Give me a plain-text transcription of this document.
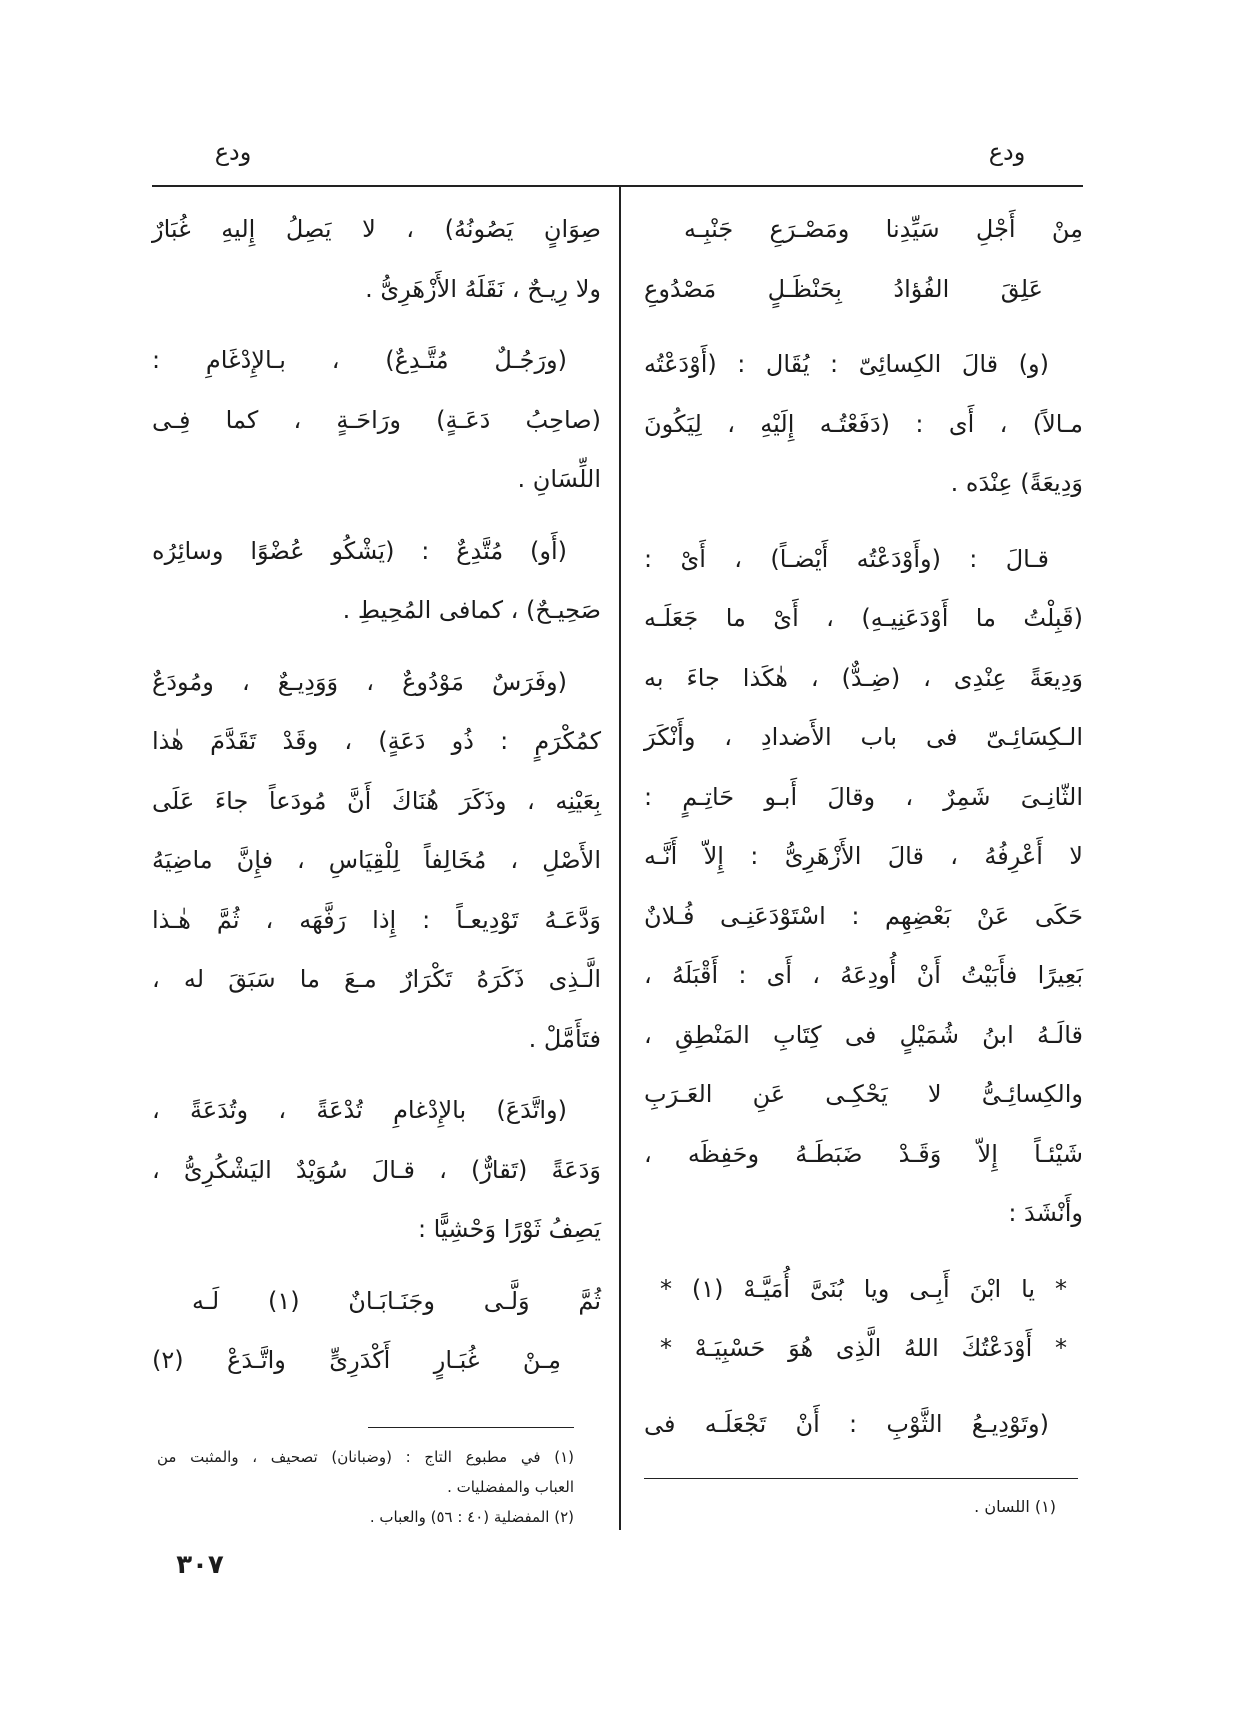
ودع	ودع
مِنْ أَجْلِ سَيِّدِنا ومَصْـرَعِ جَنْبِـه
عَلِقَ الفُؤادُ بِحَنْظَـلٍ مَصْدُوعِ
(و) قالَ الكِسائِىّ : يُقَال : (أَوْدَعْتُه
مـالاً) ، أَى : (دَفَعْتُـه إِلَيْهِ ، لِيَكُونَ
وَدِيعَةً) عِنْدَه .
قـالَ : (وأَوْدَعْتُه أَيْضـاً) ، أَىْ :
(قَبِلْتُ ما أَوْدَعَنِيـهِ) ، أَىْ ما جَعَلَـه
وَدِيعَةً عِنْدِى ، (ضِـدٌّ) ، هٰكَذا جاءَ به
الـكِسَائِـىّ فى باب الأَضدادِ ، وأَنْكَرَ
الثّانِـىَ شَمِرٌ ، وقالَ أَبـو حَاتِـمٍ :
لا أَعْرِفُهُ ، قالَ الأَزْهَرِىُّ : إِلاّ أَنَّـه
حَكَى عَنْ بَعْضِهِم : اسْتَوْدَعَنِـى فُـلانٌ
بَعِيرًا فأَبَيْتُ أَنْ أُودِعَهُ ، أَى : أَقْبَلَهُ ،
قالَـهُ ابنُ شُمَيْلٍ فى كِتَابِ المَنْطِقِ ،
والكِسائِـىُّ لا يَحْكِـى عَنِ العَـرَبِ
شَيْئـاً إِلاّ وَقَـدْ ضَبَطَـهُ وحَفِظَه ،
وأَنْشَدَ :
* يا ابْنَ أَبِـى ويا بُنَىَّ أُمَيَّـهْ (١) *
* أَوْدَعْتُكَ اللهُ الَّذِى هُوَ حَسْبِيَـهْ *
(وتَوْدِيـعُ الثَّوْبِ : أَنْ تَجْعَلَـه فى
(١) اللسان .
صِوَانٍ يَصُونُهُ) ، لا يَصِلُ إِليهِ غُبَارٌ
ولا رِيـحٌ ، نَقَلَهُ الأَزْهَرِىُّ .
(ورَجُـلٌ مُتَّـدِعٌ) ، بـالإِدْغَامِ :
(صاحِبُ دَعَـةٍ) ورَاحَـةٍ ، كما فِـى
اللِّسَانِ .
(أَو) مُتَّدِعٌ : (يَشْكُو عُضْوًا وسائِرُه
صَحِيـحٌ) ، كمافى المُحِيطِ .
(وفَرَسٌ مَوْدُوعٌ ، وَوَدِيـعٌ ، ومُودَعٌ
كمُكْرَمٍ : ذُو دَعَةٍ) ، وقَدْ تَقَدَّمَ هٰذا
بِعَيْنِه ، وذَكَرَ هُنَاكَ أَنَّ مُودَعاً جاءَ عَلَى
الأَصْلِ ، مُخَالِفاً لِلْقِيَاسِ ، فإِنَّ ماضِيَهُ
وَدَّعَـهُ تَوْدِيعـاً : إِذا رَفَّهَه ، ثُمَّ هٰـذا
الَّـذِى ذَكَرَهُ تَكْرَارٌ مـعَ ما سَبَقَ له ،
فتَأَمَّلْ .
(واتَّدَعَ) بالإِدْغامِ تُدْعَةً ، وتُدَعَةً ،
وَدَعَةً (تَقارٌّ) ، قـالَ سُوَيْدٌ اليَشْكُرِىُّ ،
يَصِفُ ثَوْرًا وَحْشِيًّا :
ثُمَّ وَلَّـى وجَنَـابَـانٌ (١) لَـه
مِـنْ غُبَـارٍ أَكْدَرِىٍّ واتَّـدَعْ (٢)
(١) في مطبوع التاج : (وضبانان) تصحيف ، والمثبت من
العباب والمفضليات .
(٢) المفضلية (٤٠ : ٥٦) والعباب .
٣٠٧
